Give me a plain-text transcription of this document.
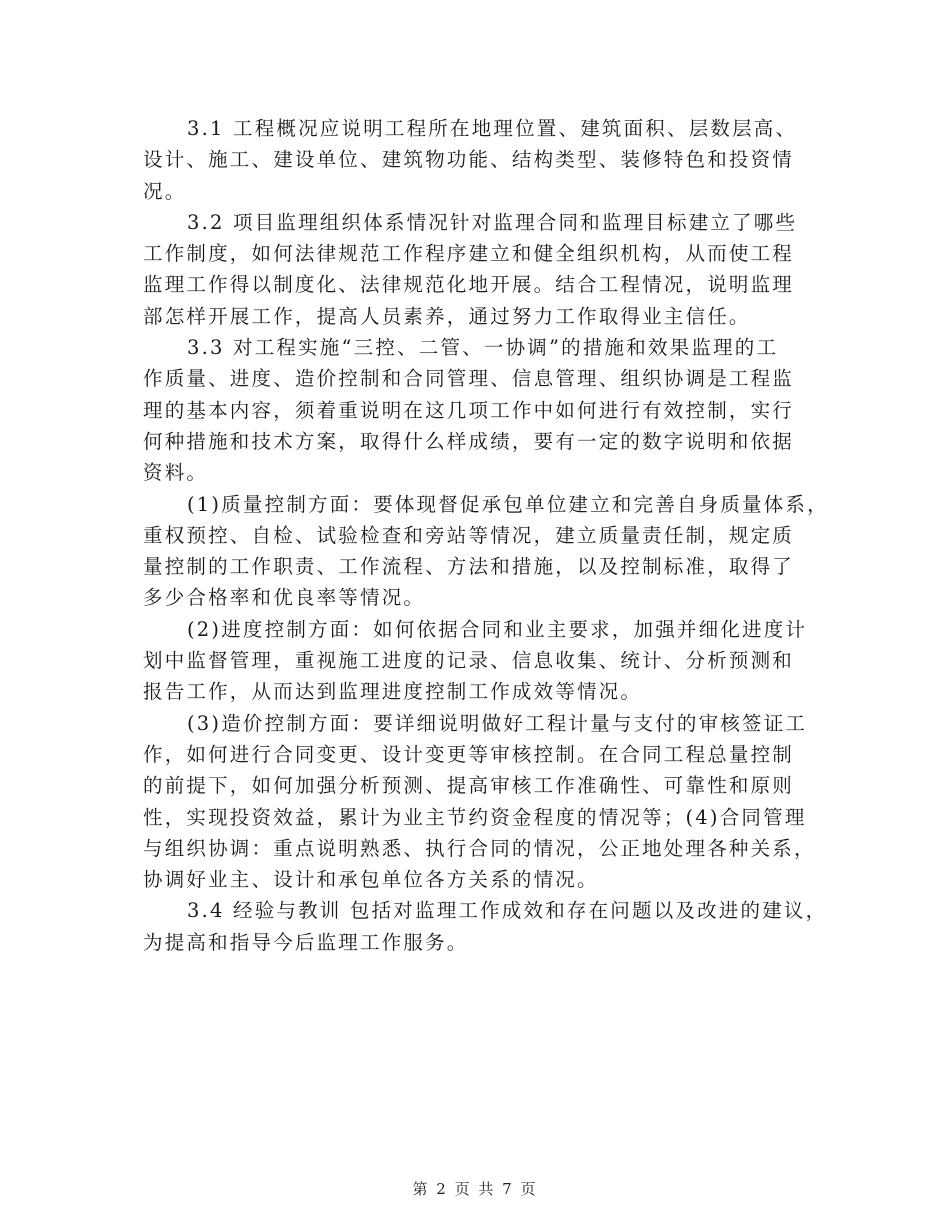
3.1 工程概况应说明工程所在地理位置、建筑面积、层数层高、
设计、施工、建设单位、建筑物功能、结构类型、装修特色和投资情
况。

3.2 项目监理组织体系情况针对监理合同和监理目标建立了哪些
工作制度，如何法律规范工作程序建立和健全组织机构，从而使工程
监理工作得以制度化、法律规范化地开展。结合工程情况，说明监理
部怎样开展工作，提高人员素养，通过努力工作取得业主信任。

3.3 对工程实施“三控、二管、一协调”的措施和效果监理的工
作质量、进度、造价控制和合同管理、信息管理、组织协调是工程监
理的基本内容，须着重说明在这几项工作中如何进行有效控制，实行
何种措施和技术方案，取得什么样成绩，要有一定的数字说明和依据
资料。

(1)质量控制方面：要体现督促承包单位建立和完善自身质量体系，
重权预控、自检、试验检查和旁站等情况，建立质量责任制，规定质
量控制的工作职责、工作流程、方法和措施，以及控制标准，取得了
多少合格率和优良率等情况。

(2)进度控制方面：如何依据合同和业主要求，加强并细化进度计
划中监督管理，重视施工进度的记录、信息收集、统计、分析预测和
报告工作，从而达到监理进度控制工作成效等情况。

(3)造价控制方面：要详细说明做好工程计量与支付的审核签证工
作，如何进行合同变更、设计变更等审核控制。在合同工程总量控制
的前提下，如何加强分析预测、提高审核工作准确性、可靠性和原则
性，实现投资效益，累计为业主节约资金程度的情况等；(4)合同管理
与组织协调：重点说明熟悉、执行合同的情况，公正地处理各种关系，
协调好业主、设计和承包单位各方关系的情况。

3.4 经验与教训 包括对监理工作成效和存在问题以及改进的建议，
为提高和指导今后监理工作服务。

第 2 页 共 7 页
